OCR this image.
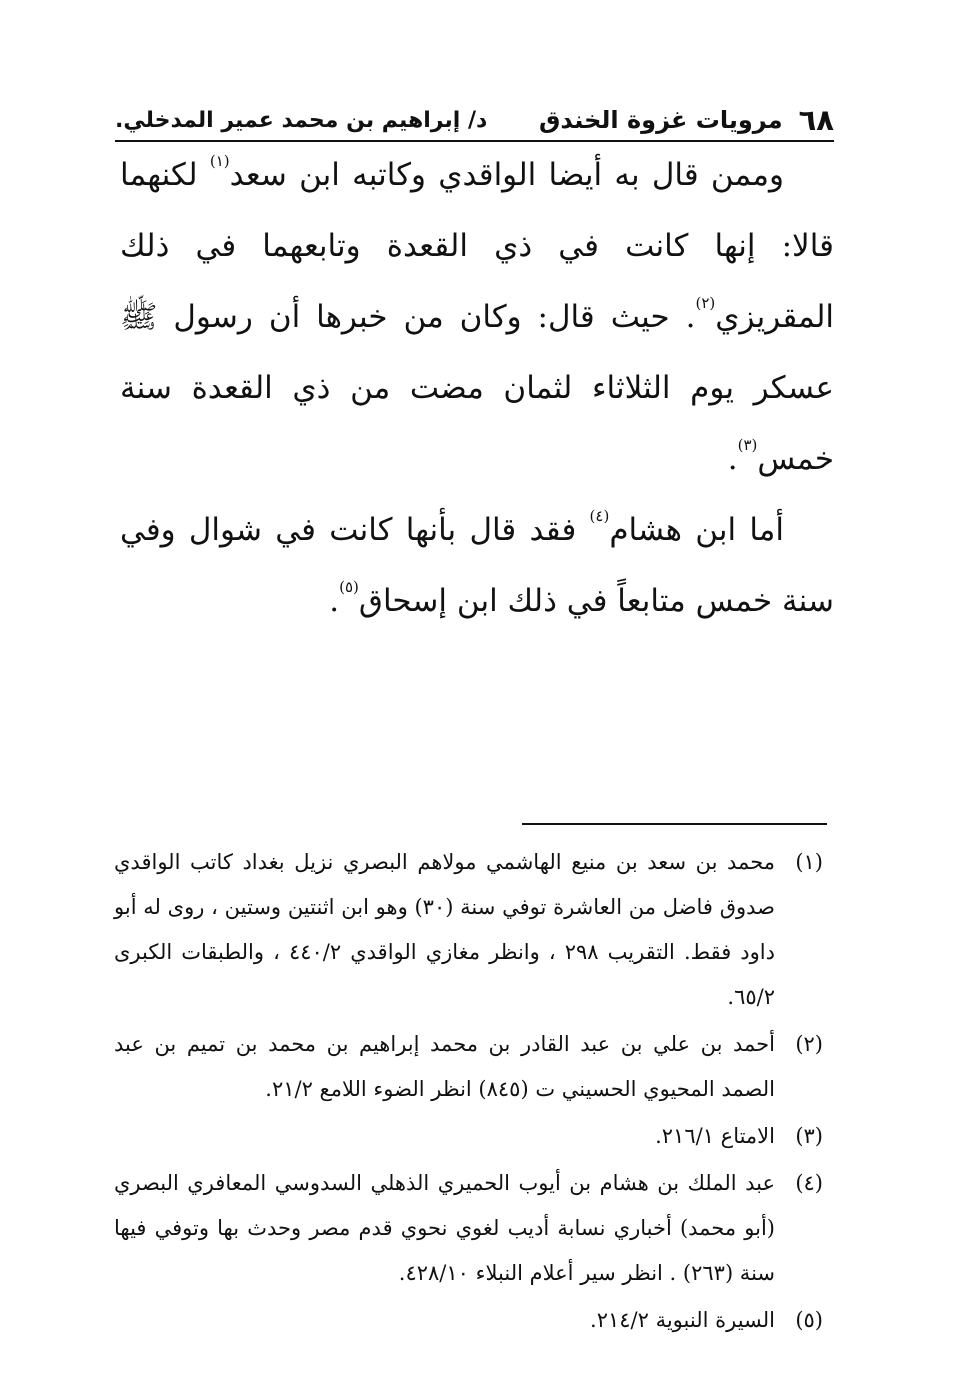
٦٨
مرويات غزوة الخندق
د/ إبراهيم بن محمد عمير المدخلي.

وممن قال به أيضا الواقدي وكاتبه ابن سعد$^{(١)}$ لكنهما قالا: إنها كانت في ذي القعدة وتابعهما في ذلك المقريزي$^{(٢)}$. حيث قال: وكان من خبرها أن رسول ﷺ عسكر يوم الثلاثاء لثمان مضت من ذي القعدة سنة خمس$^{(٣)}$.

أما ابن هشام$^{(٤)}$ فقد قال بأنها كانت في شوال وفي سنة خمس متابعاً في ذلك ابن إسحاق$^{(٥)}$.

(١)
محمد بن سعد بن منيع الهاشمي مولاهم البصري نزيل بغداد كاتب الواقدي صدوق فاضل من العاشرة توفي سنة (٣٠) وهو ابن اثنتين وستين ، روى له أبو داود فقط. التقريب ٢٩٨ ، وانظر مغازي الواقدي ٤٤٠/٢ ، والطبقات الكبرى ٦٥/٢.
(٢)
أحمد بن علي بن عبد القادر بن محمد إبراهيم بن محمد بن تميم بن عبد الصمد المحيوي الحسيني ت (٨٤٥) انظر الضوء اللامع ٢١/٢.
(٣)
الامتاع ٢١٦/١.
(٤)
عبد الملك بن هشام بن أيوب الحميري الذهلي السدوسي المعافري البصري (أبو محمد) أخباري نسابة أديب لغوي نحوي قدم مصر وحدث بها وتوفي فيها سنة (٢٦٣) . انظر سير أعلام النبلاء ٤٢٨/١٠.
(٥)
السيرة النبوية ٢١٤/٢.
